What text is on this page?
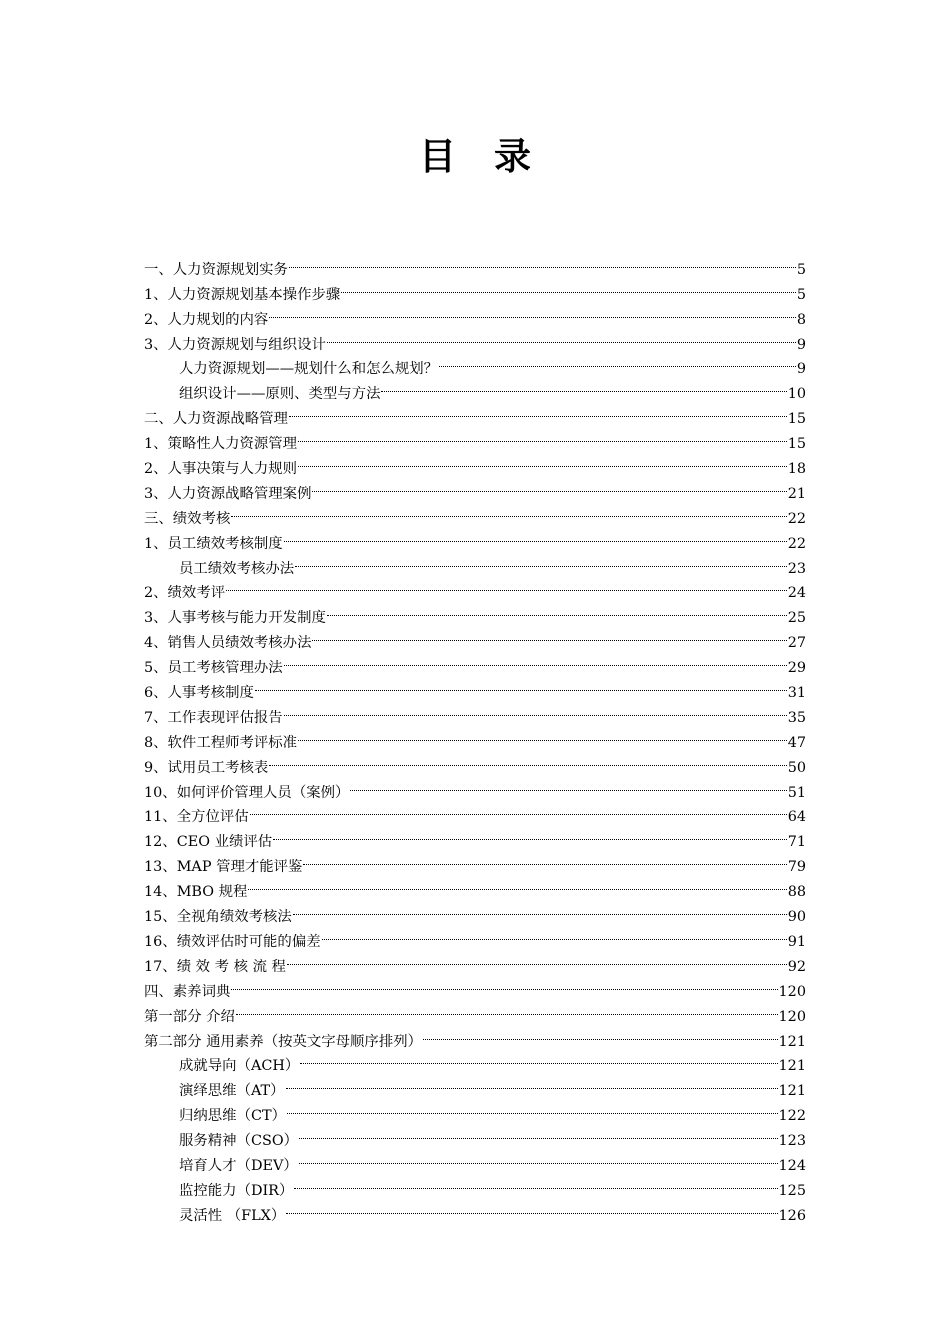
目 录
一、人力资源规划实务	5
1、人力资源规划基本操作步骤	5
2、人力规划的内容	8
3、人力资源规划与组织设计	9
人力资源规划——规划什么和怎么规划？	9
组织设计——原则、类型与方法	10
二、人力资源战略管理	15
1、策略性人力资源管理	15
2、人事决策与人力规则	18
3、人力资源战略管理案例	21
三、绩效考核	22
1、员工绩效考核制度	22
员工绩效考核办法	23
2、绩效考评	24
3、人事考核与能力开发制度	25
4、销售人员绩效考核办法	27
5、员工考核管理办法	29
6、人事考核制度	31
7、工作表现评估报告	35
8、软件工程师考评标准	47
9、试用员工考核表	50
10、如何评价管理人员（案例）	51
11、全方位评估	64
12、CEO 业绩评估	71
13、MAP 管理才能评鉴	79
14、MBO 规程	88
15、全视角绩效考核法	90
16、绩效评估时可能的偏差	91
17、绩 效 考 核 流 程	92
四、素养词典	120
第一部分 介绍	120
第二部分 通用素养（按英文字母顺序排列）	121
成就导向（ACH）	121
演绎思维（AT）	121
归纳思维（CT）	122
服务精神（CSO）	123
培育人才（DEV）	124
监控能力（DIR）	125
灵活性 （FLX）	126
